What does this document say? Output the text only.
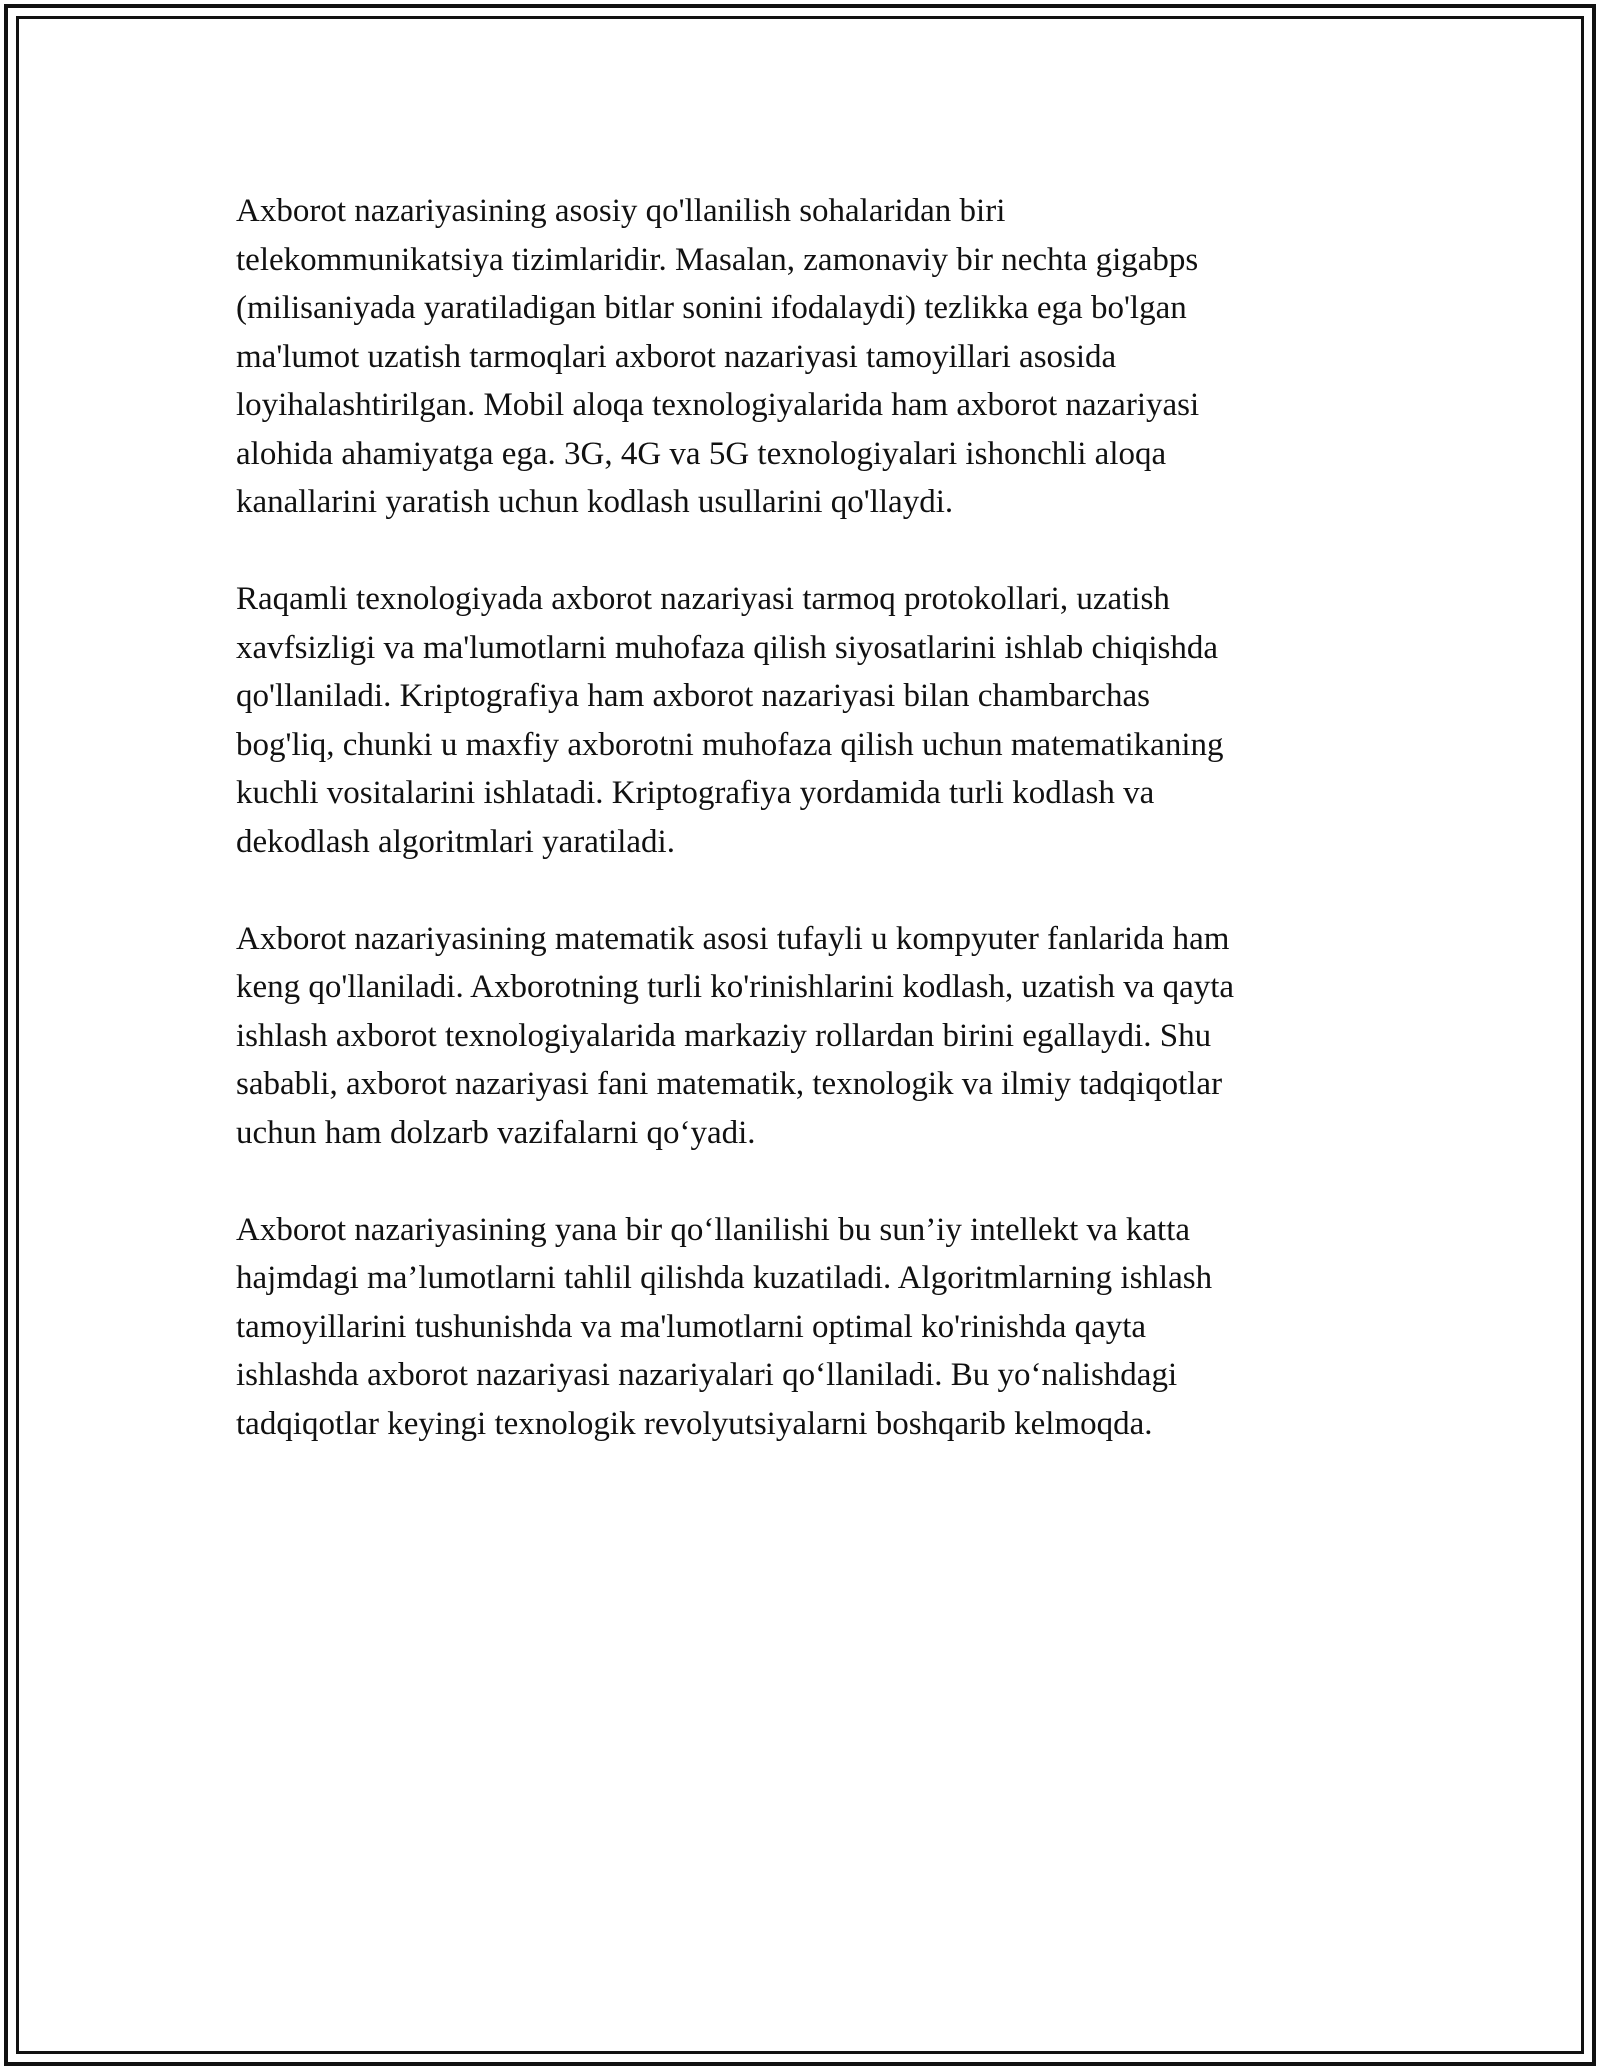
Axborot nazariyasining asosiy qo'llanilish sohalaridan biri
telekommunikatsiya tizimlaridir. Masalan, zamonaviy bir nechta gigabps
(milisaniyada yaratiladigan bitlar sonini ifodalaydi) tezlikka ega bo'lgan
ma'lumot uzatish tarmoqlari axborot nazariyasi tamoyillari asosida
loyihalashtirilgan. Mobil aloqa texnologiyalarida ham axborot nazariyasi
alohida ahamiyatga ega. 3G, 4G va 5G texnologiyalari ishonchli aloqa
kanallarini yaratish uchun kodlash usullarini qo'llaydi.

Raqamli texnologiyada axborot nazariyasi tarmoq protokollari, uzatish
xavfsizligi va ma'lumotlarni muhofaza qilish siyosatlarini ishlab chiqishda
qo'llaniladi. Kriptografiya ham axborot nazariyasi bilan chambarchas
bog'liq, chunki u maxfiy axborotni muhofaza qilish uchun matematikaning
kuchli vositalarini ishlatadi. Kriptografiya yordamida turli kodlash va
dekodlash algoritmlari yaratiladi.

Axborot nazariyasining matematik asosi tufayli u kompyuter fanlarida ham
keng qo'llaniladi. Axborotning turli ko'rinishlarini kodlash, uzatish va qayta
ishlash axborot texnologiyalarida markaziy rollardan birini egallaydi. Shu
sababli, axborot nazariyasi fani matematik, texnologik va ilmiy tadqiqotlar
uchun ham dolzarb vazifalarni qo‘yadi.

Axborot nazariyasining yana bir qo‘llanilishi bu sun’iy intellekt va katta
hajmdagi ma’lumotlarni tahlil qilishda kuzatiladi. Algoritmlarning ishlash
tamoyillarini tushunishda va ma'lumotlarni optimal ko'rinishda qayta
ishlashda axborot nazariyasi nazariyalari qo‘llaniladi. Bu yo‘nalishdagi
tadqiqotlar keyingi texnologik revolyutsiyalarni boshqarib kelmoqda.
